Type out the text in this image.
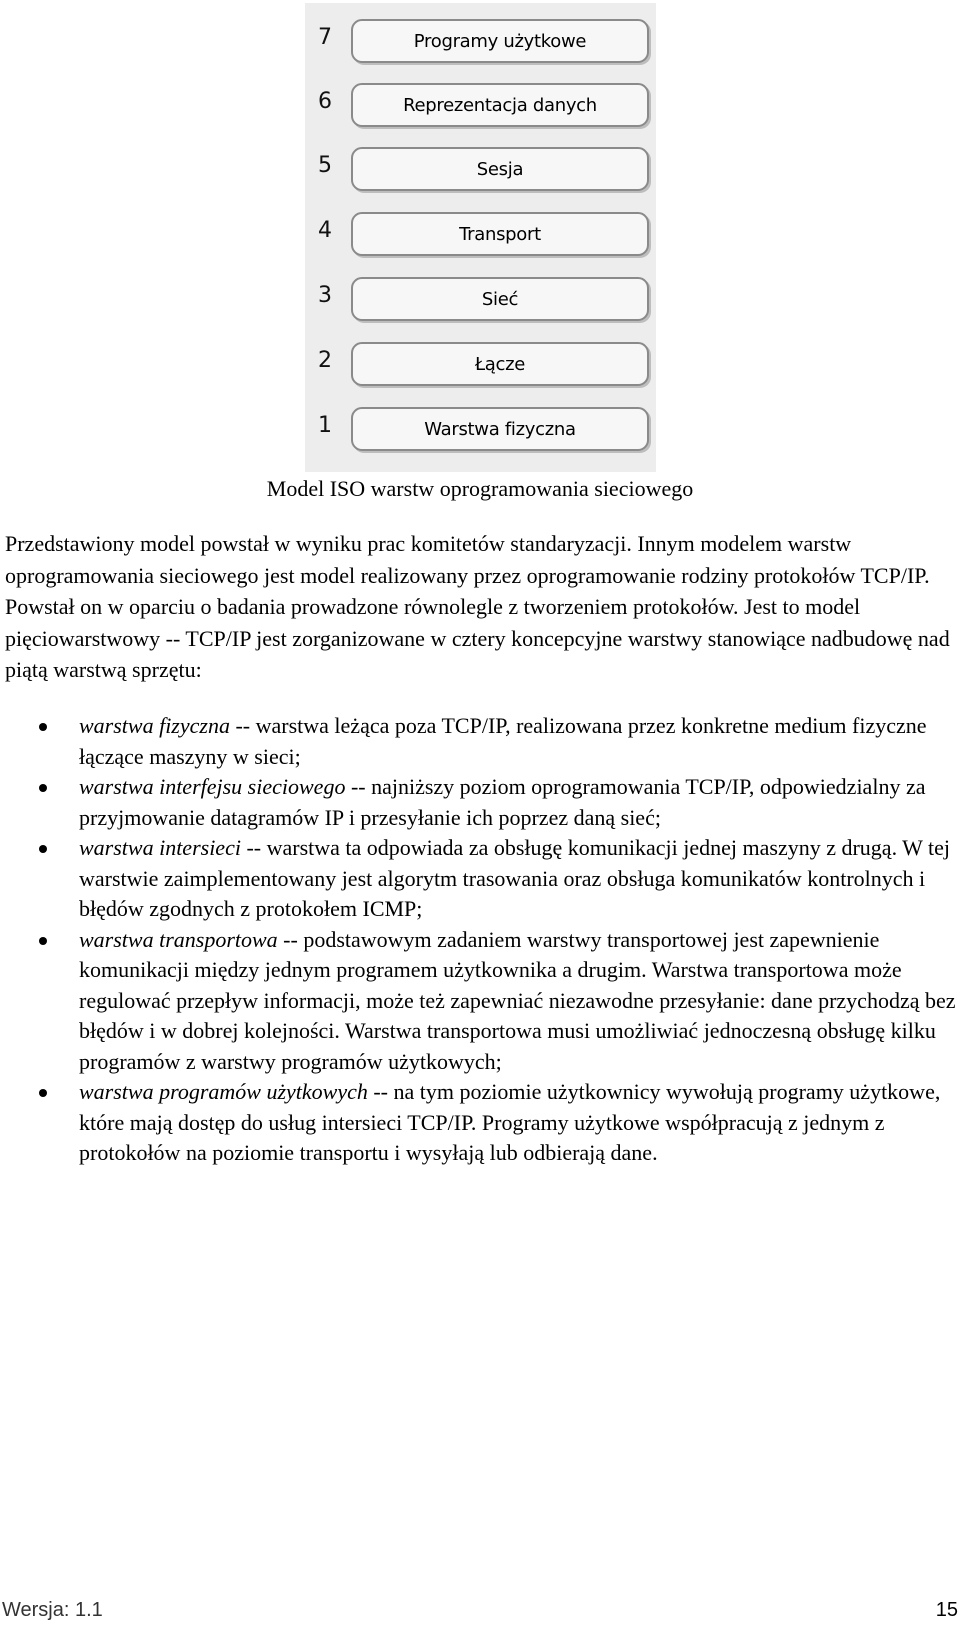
7	Programy użytkowe
6	Reprezentacja danych
5	Sesja
4	Transport
3	Sieć
2	Łącze
1	Warstwa fizyczna
Model ISO warstw oprogramowania sieciowego

Przedstawiony model powstał w wyniku prac komitetów standaryzacji. Innym modelem warstw oprogramowania sieciowego jest model realizowany przez oprogramowanie rodziny protokołów TCP/IP. Powstał on w oparciu o badania prowadzone równolegle z tworzeniem protokołów. Jest to model pięciowarstwowy -- TCP/IP jest zorganizowane w cztery koncepcyjne warstwy stanowiące nadbudowę nad piątą warstwą sprzętu:

warstwa fizyczna -- warstwa leżąca poza TCP/IP, realizowana przez konkretne medium fizyczne łączące maszyny w sieci;
warstwa interfejsu sieciowego -- najniższy poziom oprogramowania TCP/IP, odpowiedzialny za przyjmowanie datagramów IP i przesyłanie ich poprzez daną sieć;
warstwa intersieci -- warstwa ta odpowiada za obsługę komunikacji jednej maszyny z drugą. W tej warstwie zaimplementowany jest algorytm trasowania oraz obsługa komunikatów kontrolnych i błędów zgodnych z protokołem ICMP;
warstwa transportowa -- podstawowym zadaniem warstwy transportowej jest zapewnienie komunikacji między jednym programem użytkownika a drugim. Warstwa transportowa może regulować przepływ informacji, może też zapewniać niezawodne przesyłanie: dane przychodzą bez błędów i w dobrej kolejności. Warstwa transportowa musi umożliwiać jednoczesną obsługę kilku programów z warstwy programów użytkowych;
warstwa programów użytkowych -- na tym poziomie użytkownicy wywołują programy użytkowe, które mają dostęp do usług intersieci TCP/IP. Programy użytkowe współpracują z jednym z protokołów na poziomie transportu i wysyłają lub odbierają dane.
Wersja: 1.1	15
